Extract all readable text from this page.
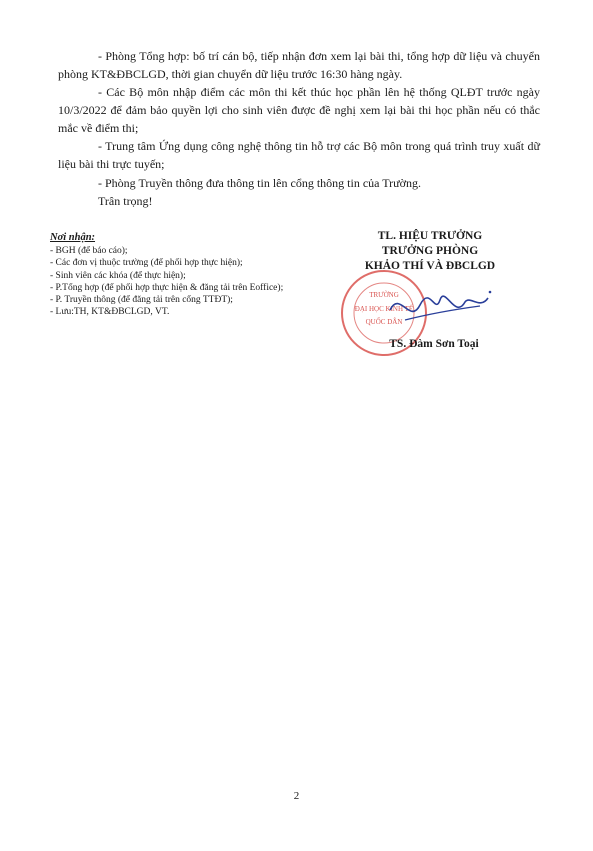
- Phòng Tổng hợp: bố trí cán bộ, tiếp nhận đơn xem lại bài thi, tổng hợp dữ liệu và chuyển phòng KT&ĐBCLGD, thời gian chuyển dữ liệu trước 16:30 hàng ngày.

- Các Bộ môn nhập điểm các môn thi kết thúc học phần lên hệ thống QLĐT trước ngày 10/3/2022 để đảm bảo quyền lợi cho sinh viên được đề nghị xem lại bài thi học phần nếu có thắc mắc về điểm thi;

- Trung tâm Ứng dụng công nghệ thông tin hỗ trợ các Bộ môn trong quá trình truy xuất dữ liệu bài thi trực tuyến;

- Phòng Truyền thông đưa thông tin lên cổng thông tin của Trường.

Trân trọng!

Nơi nhận:
- BGH (để báo cáo);
- Các đơn vị thuộc trường (để phối hợp thực hiện);
- Sinh viên các khóa (để thực hiện);
- P.Tổng hợp (để phối hợp thực hiện & đăng tải trên Eoffice);
- P. Truyền thông (để đăng tải trên cổng TTĐT);
- Lưu:TH, KT&ĐBCLGD, VT.
TL. HIỆU TRƯỞNG
TRƯỞNG PHÒNG
KHẢO THÍ VÀ ĐBCLGD
TRƯỜNG
ĐẠI HỌC KINH TẾ
QUỐC DÂN
TS. Đàm Sơn Toại
2
